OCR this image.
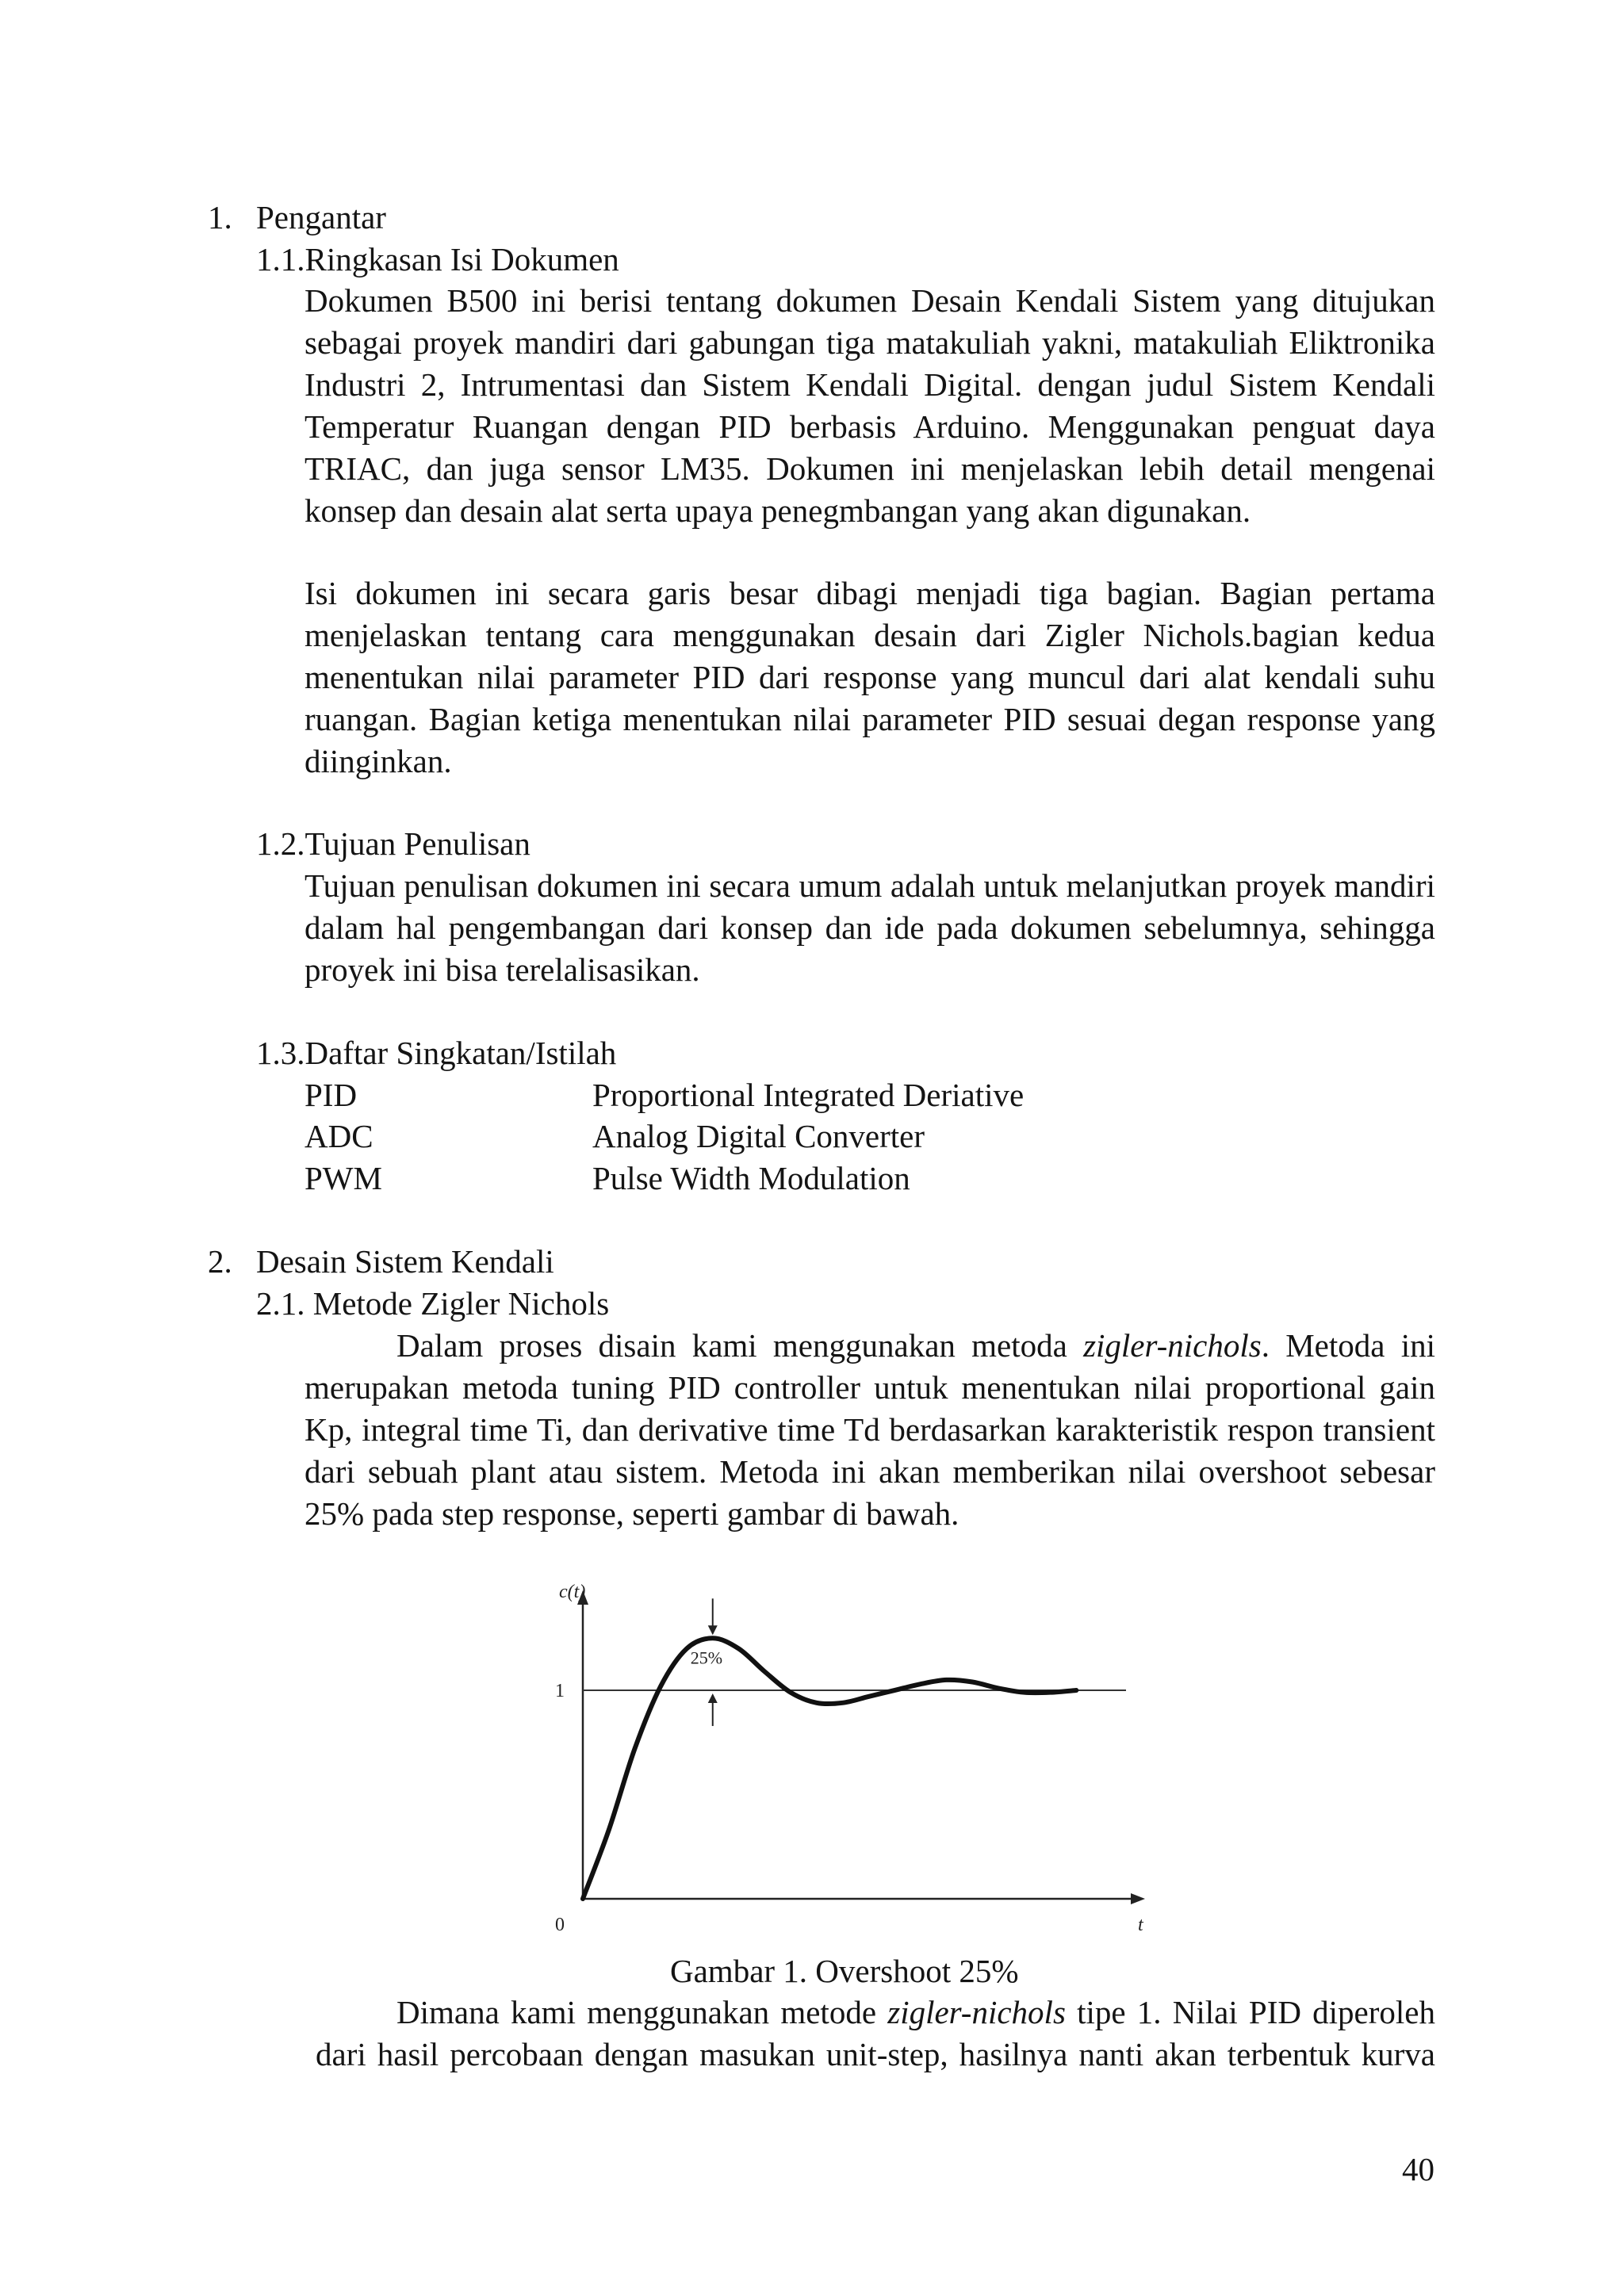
1. Pengantar
1.1.Ringkasan Isi Dokumen
Dokumen B500 ini berisi tentang dokumen Desain Kendali Sistem yang ditujukan
sebagai proyek mandiri dari gabungan tiga matakuliah yakni, matakuliah Eliktronika
Industri 2, Intrumentasi dan Sistem Kendali Digital. dengan judul Sistem Kendali
Temperatur Ruangan dengan PID berbasis Arduino. Menggunakan penguat daya
TRIAC, dan juga sensor LM35. Dokumen ini menjelaskan lebih detail mengenai
konsep dan desain alat serta upaya penegmbangan yang akan digunakan.
Isi dokumen ini secara garis besar dibagi menjadi tiga bagian. Bagian pertama
menjelaskan tentang cara menggunakan desain dari Zigler Nichols.bagian kedua
menentukan nilai parameter PID dari response yang muncul dari alat kendali suhu
ruangan. Bagian ketiga menentukan nilai parameter PID sesuai degan response yang
diinginkan.
1.2.Tujuan Penulisan
Tujuan penulisan dokumen ini secara umum adalah untuk melanjutkan proyek mandiri
dalam hal pengembangan dari konsep dan ide pada dokumen sebelumnya, sehingga
proyek ini bisa terelalisasikan.
1.3.Daftar Singkatan/Istilah
PID	Proportional Integrated Deriative
ADC	Analog Digital Converter
PWM	Pulse Width Modulation
2. Desain Sistem Kendali
2.1. Metode Zigler Nichols
Dalam proses disain kami menggunakan metoda zigler-nichols. Metoda ini
merupakan metoda tuning PID controller untuk menentukan nilai proportional gain
Kp, integral time Ti, dan derivative time Td berdasarkan karakteristik respon transient
dari sebuah plant atau sistem. Metoda ini akan memberikan nilai overshoot sebesar
25% pada step response, seperti gambar di bawah.
c(t)
t
0
1
25%
Gambar 1. Overshoot 25%
Dimana kami menggunakan metode zigler-nichols tipe 1. Nilai PID diperoleh
dari hasil percobaan dengan masukan unit-step, hasilnya nanti akan terbentuk kurva
40
